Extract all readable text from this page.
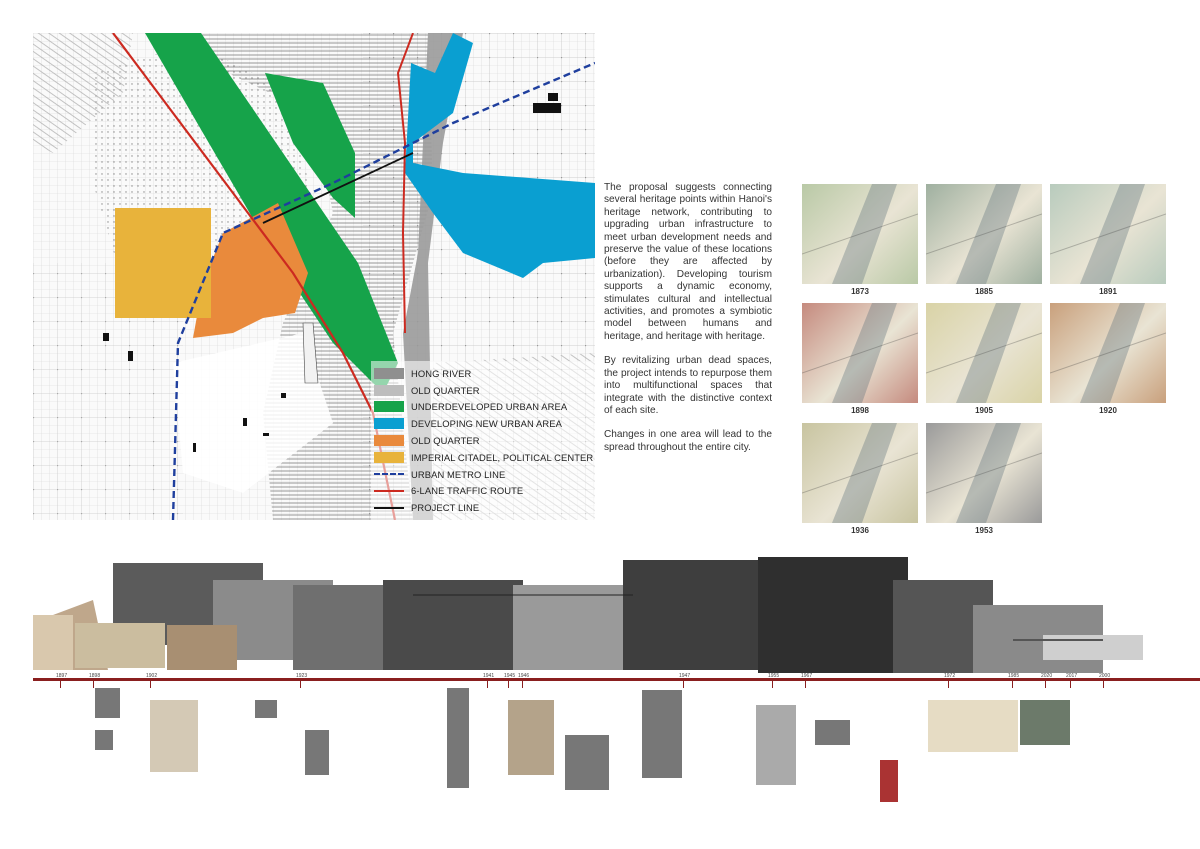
HONG RIVER
OLD QUARTER
UNDERDEVELOPED URBAN AREA
DEVELOPING NEW URBAN AREA
OLD QUARTER
IMPERIAL CITADEL, POLITICAL CENTER
URBAN METRO LINE
6-LANE TRAFFIC ROUTE
PROJECT LINE

The proposal suggests connecting several heritage points within Hanoi's heritage network, contributing to upgrading urban infrastructure to meet urban development needs and preserve the value of these locations (before they are affected by urbanization). Developing tourism supports a dynamic economy, stimulates cultural and intellectual activities, and promotes a symbiotic model between humans and heritage, and heritage with heritage.

By revitalizing urban dead spaces, the project intends to repurpose them into multifunctional spaces that integrate with the distinctive context of each site.

Changes in one area will lead to the spread throughout the entire city.

1873	1885	1891
1898	1905	1920
1936	1953
1897	1898	1902	1923	1941 1945 1946	1947	1955	1967	1972	1985	2000
2017
2020
